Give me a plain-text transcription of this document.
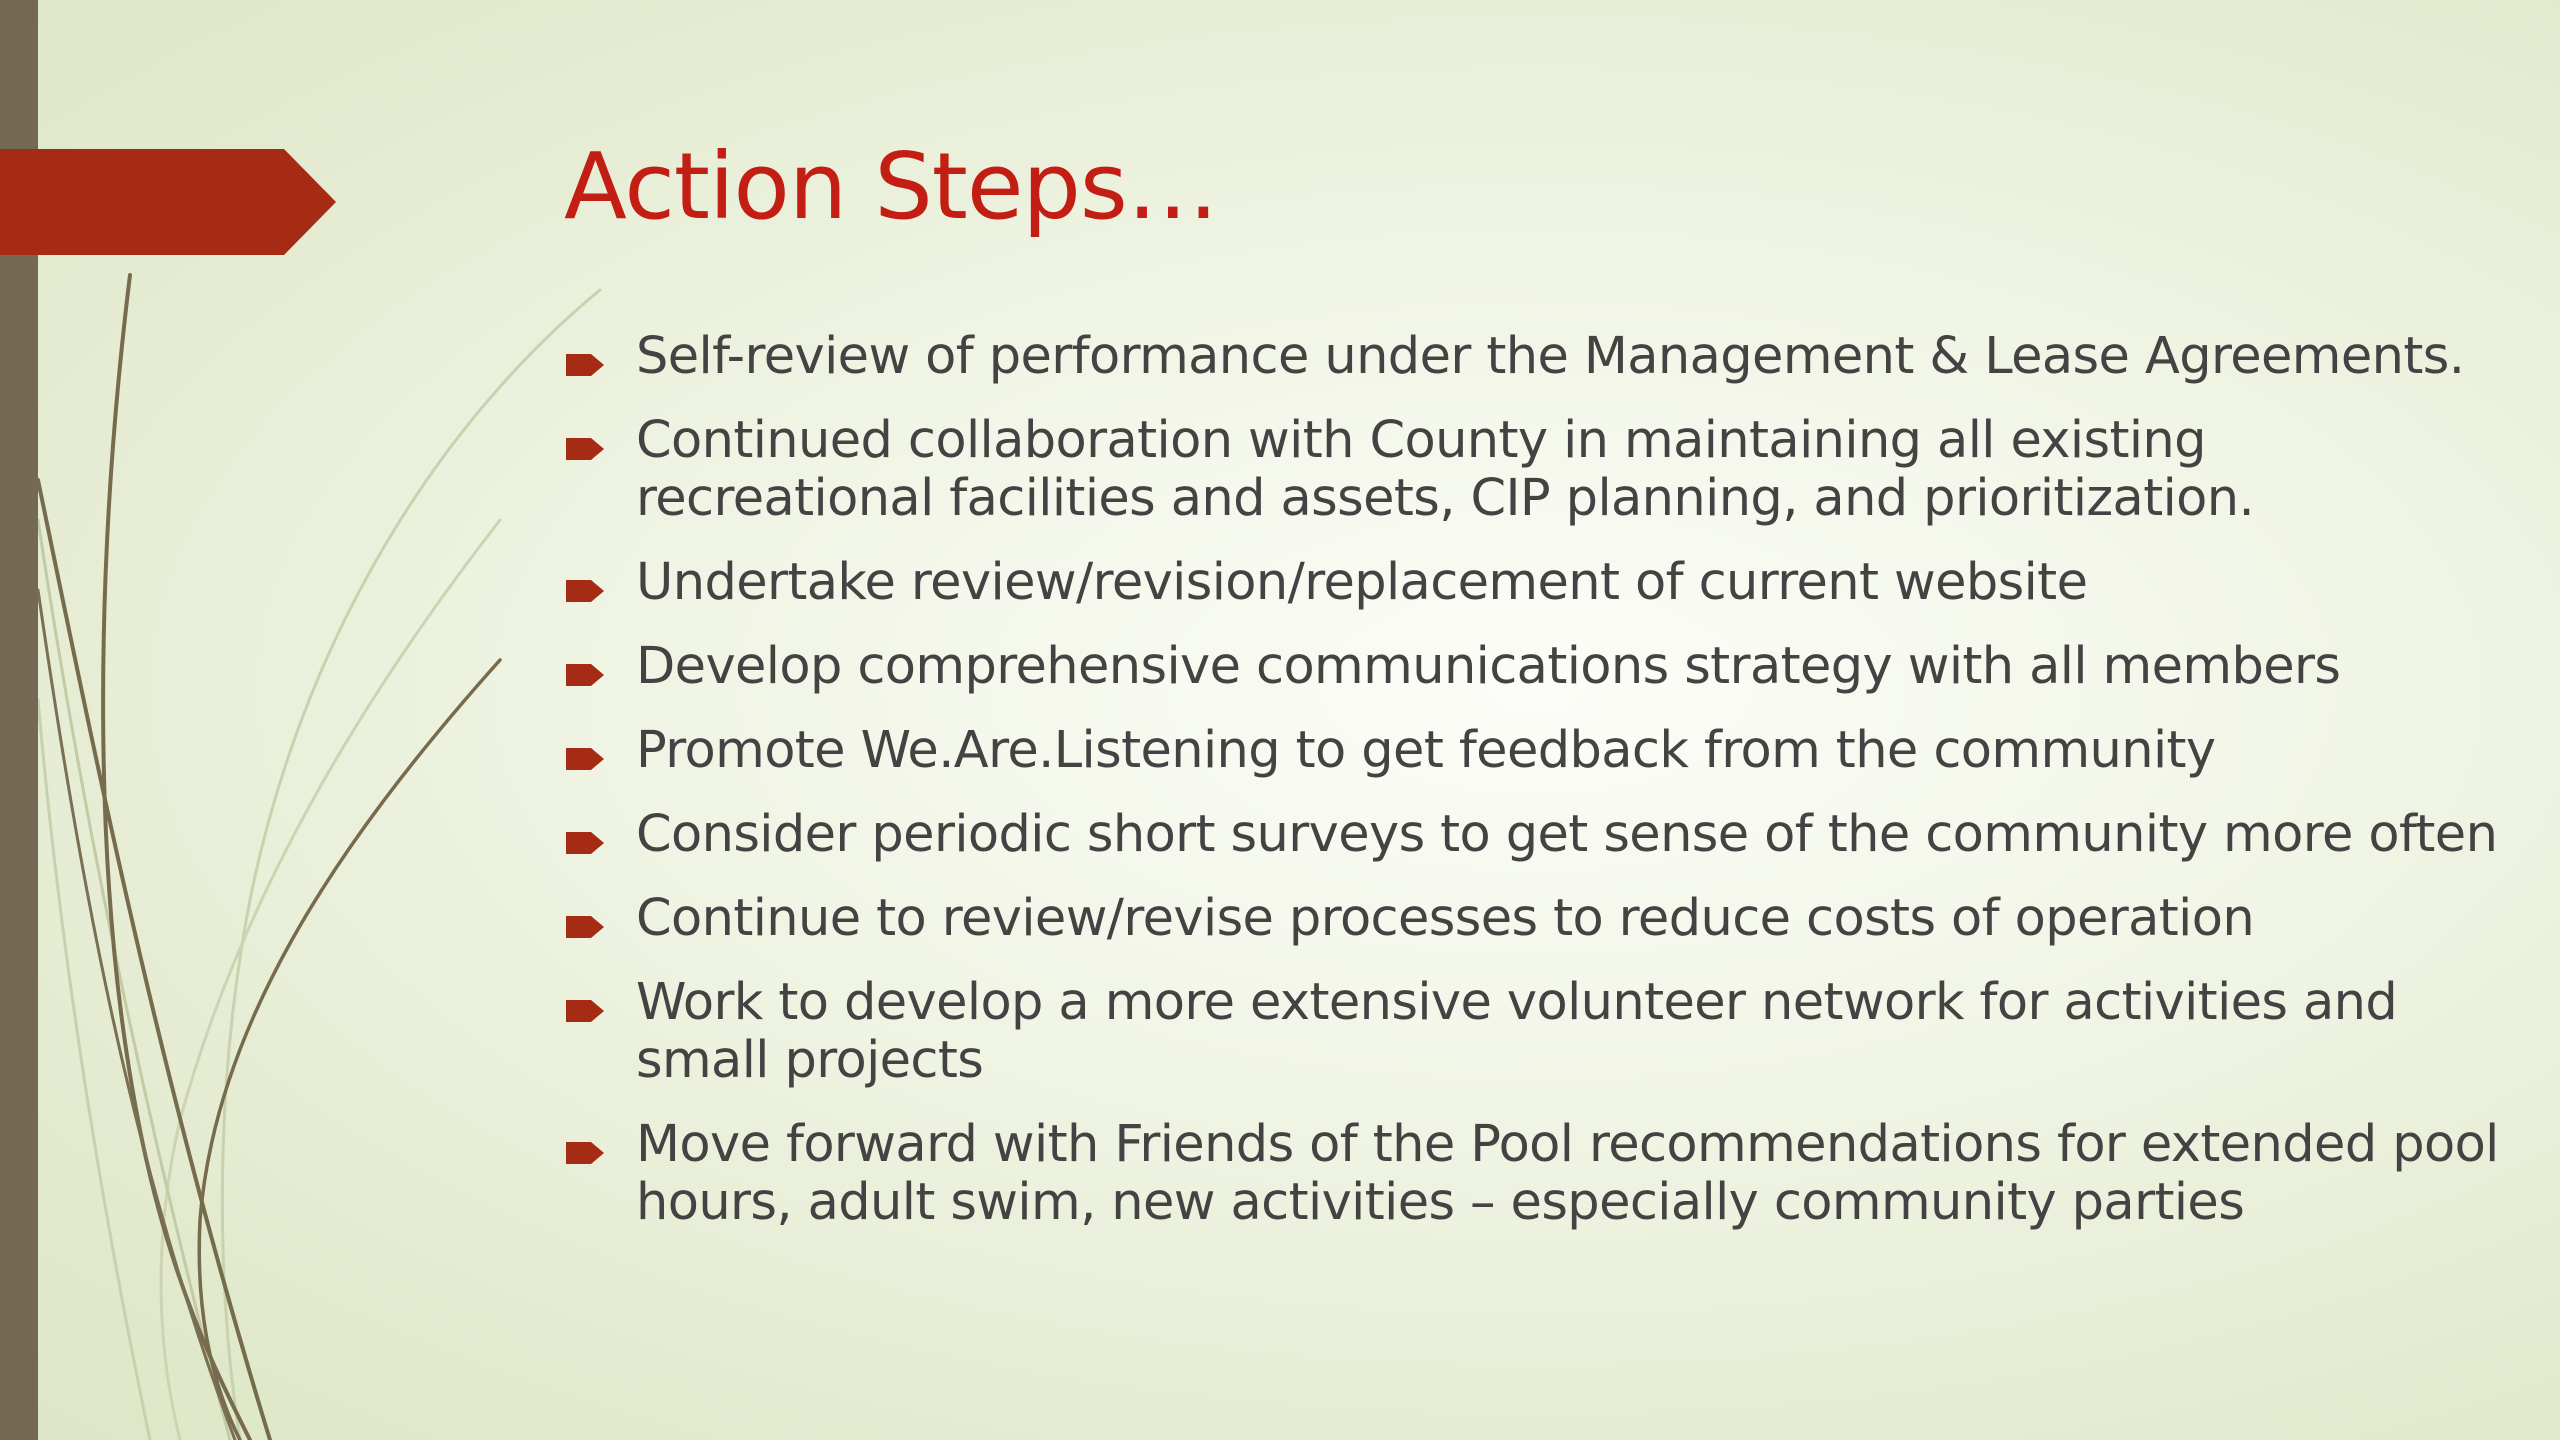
Action Steps…
Self-review of performance under the Management & Lease Agreements.
Continued collaboration with County in maintaining all existing recreational facilities and assets, CIP planning, and prioritization.
Undertake review/revision/replacement of current website
Develop comprehensive communications strategy with all members
Promote We.Are.Listening to get feedback from the community
Consider periodic short surveys to get sense of the community more often
Continue to review/revise processes to reduce costs of operation
Work to develop a more extensive volunteer network for activities and small projects
Move forward with Friends of the Pool recommendations for extended pool hours, adult swim, new activities – especially community parties
